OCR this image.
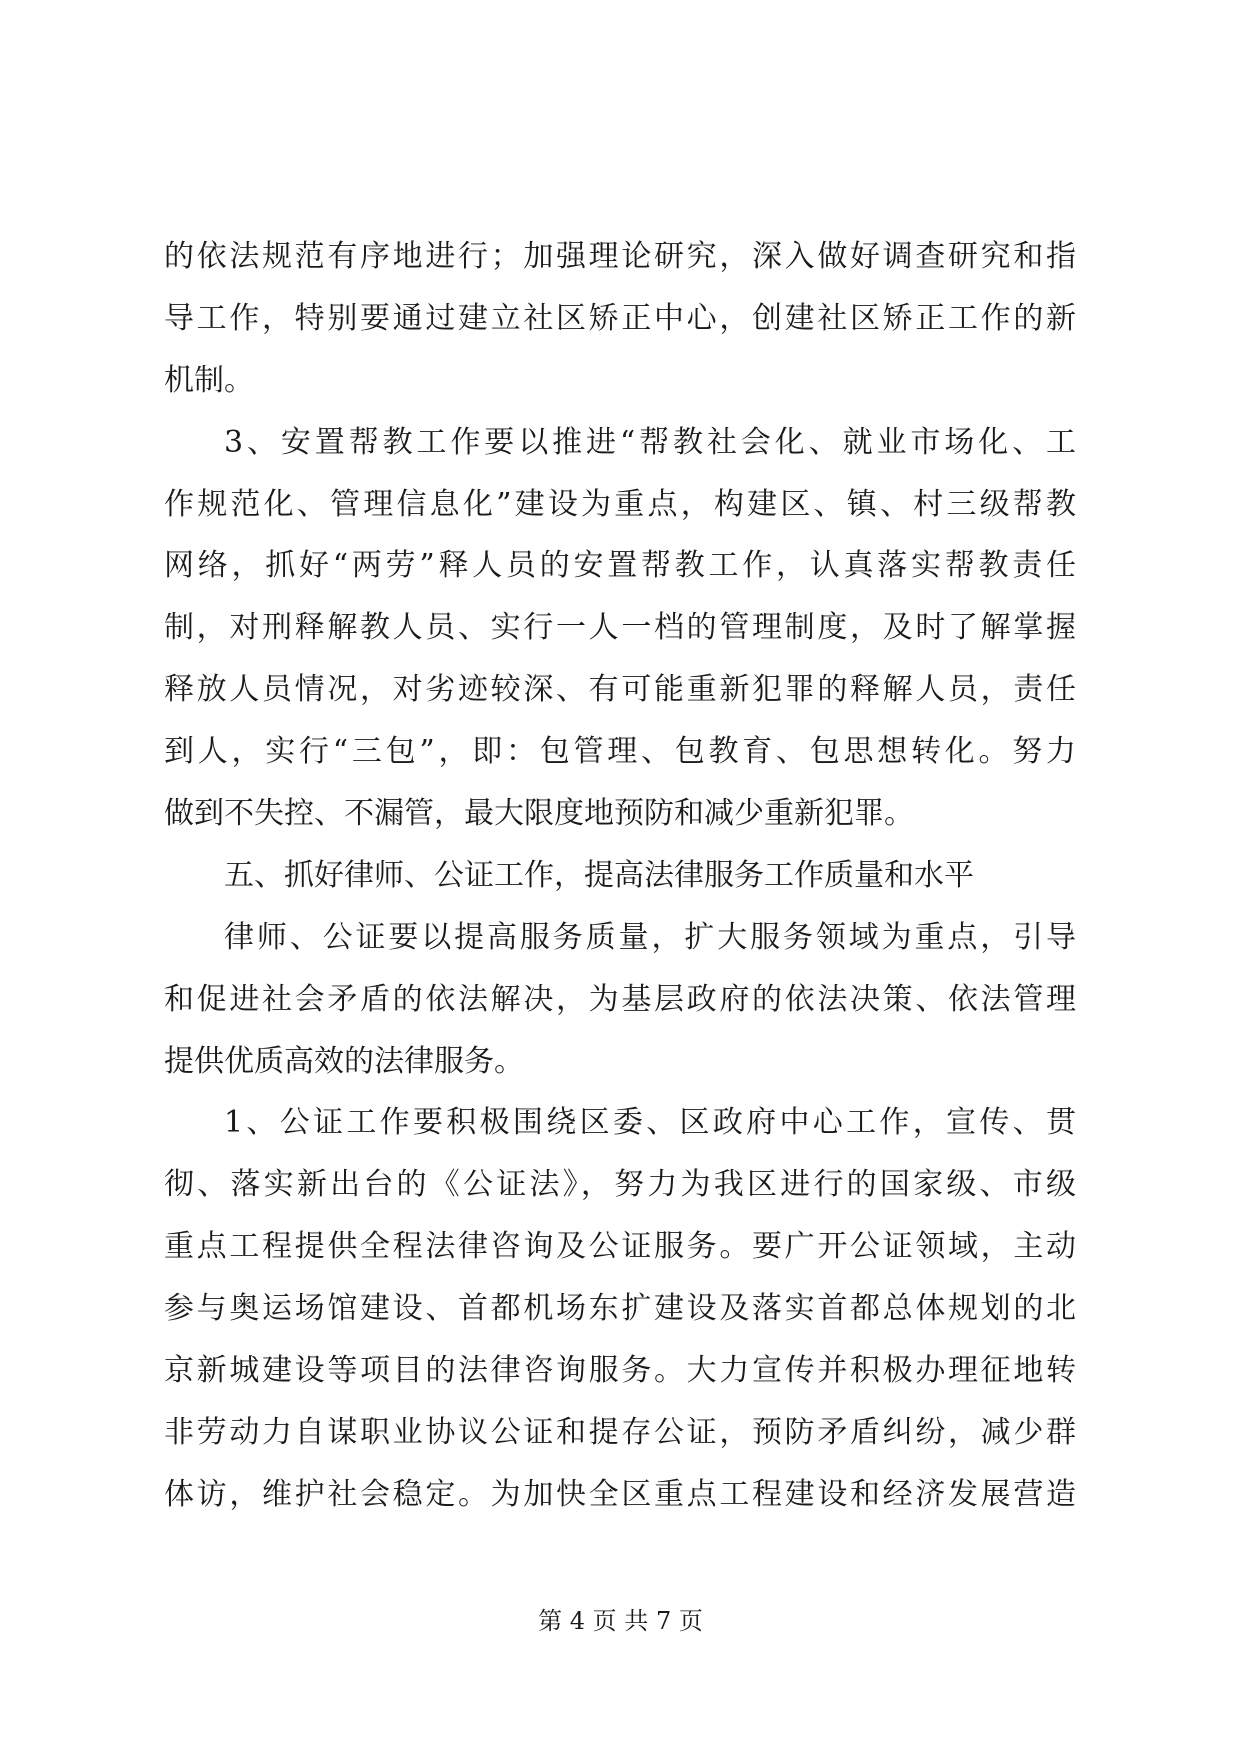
的依法规范有序地进行；加强理论研究，深入做好调查研究和指
导工作，特别要通过建立社区矫正中心，创建社区矫正工作的新
机制。
3、安置帮教工作要以推进“帮教社会化、就业市场化、工
作规范化、管理信息化”建设为重点，构建区、镇、村三级帮教
网络，抓好“两劳”释人员的安置帮教工作，认真落实帮教责任
制，对刑释解教人员、实行一人一档的管理制度，及时了解掌握
释放人员情况，对劣迹较深、有可能重新犯罪的释解人员，责任
到人，实行“三包”，即：包管理、包教育、包思想转化。努力
做到不失控、不漏管，最大限度地预防和减少重新犯罪。
五、抓好律师、公证工作，提高法律服务工作质量和水平
律师、公证要以提高服务质量，扩大服务领域为重点，引导
和促进社会矛盾的依法解决，为基层政府的依法决策、依法管理
提供优质高效的法律服务。
1、公证工作要积极围绕区委、区政府中心工作，宣传、贯
彻、落实新出台的《公证法》，努力为我区进行的国家级、市级
重点工程提供全程法律咨询及公证服务。要广开公证领域，主动
参与奥运场馆建设、首都机场东扩建设及落实首都总体规划的北
京新城建设等项目的法律咨询服务。大力宣传并积极办理征地转
非劳动力自谋职业协议公证和提存公证，预防矛盾纠纷，减少群
体访，维护社会稳定。为加快全区重点工程建设和经济发展营造
第 4 页 共 7 页
